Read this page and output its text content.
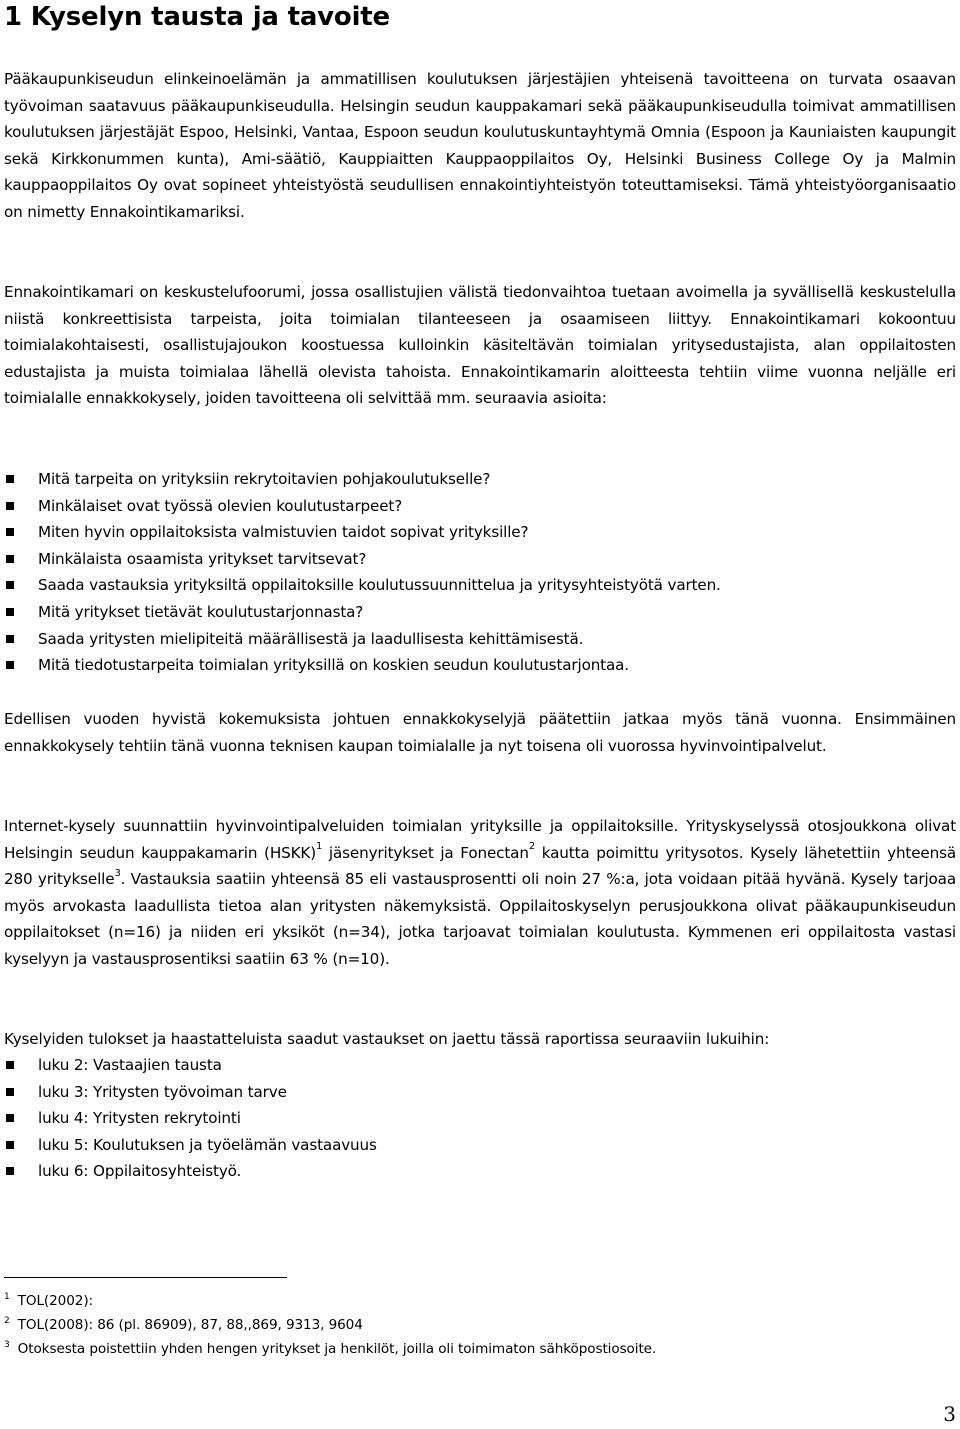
1 Kyselyn tausta ja tavoite

Pääkaupunkiseudun elinkeinoelämän ja ammatillisen koulutuksen järjestäjien yhteisenä tavoitteena on turvata osaavan työvoiman saatavuus pääkaupunkiseudulla. Helsingin seudun kauppakamari sekä pääkaupunkiseudulla toimivat ammatillisen koulutuksen järjestäjät Espoo, Helsinki, Vantaa, Espoon seudun koulutuskuntayhtymä Omnia (Espoon ja Kauniaisten kaupungit sekä Kirkkonummen kunta), Ami-säätiö, Kauppiaitten Kauppaoppilaitos Oy, Helsinki Business College Oy ja Malmin kauppaoppilaitos Oy ovat sopineet yhteistyöstä seudullisen ennakointiyhteistyön toteuttamiseksi. Tämä yhteistyöorganisaatio on nimetty Ennakointikamariksi.

Ennakointikamari on keskustelufoorumi, jossa osallistujien välistä tiedonvaihtoa tuetaan avoimella ja syvällisellä keskustelulla niistä konkreettisista tarpeista, joita toimialan tilanteeseen ja osaamiseen liittyy. Ennakointikamari kokoontuu toimialakohtaisesti, osallistujajoukon koostuessa kulloinkin käsiteltävän toimialan yritysedustajista, alan oppilaitosten edustajista ja muista toimialaa lähellä olevista tahoista. Ennakointikamarin aloitteesta tehtiin viime vuonna neljälle eri toimialalle ennakkokysely, joiden tavoitteena oli selvittää mm. seuraavia asioita:

Mitä tarpeita on yrityksiin rekrytoitavien pohjakoulutukselle?
Minkälaiset ovat työssä olevien koulutustarpeet?
Miten hyvin oppilaitoksista valmistuvien taidot sopivat yrityksille?
Minkälaista osaamista yritykset tarvitsevat?
Saada vastauksia yrityksiltä oppilaitoksille koulutussuunnittelua ja yritysyhteistyötä varten.
Mitä yritykset tietävät koulutustarjonnasta?
Saada yritysten mielipiteitä määrällisestä ja laadullisesta kehittämisestä.
Mitä tiedotustarpeita toimialan yrityksillä on koskien seudun koulutustarjontaa.

Edellisen vuoden hyvistä kokemuksista johtuen ennakkokyselyjä päätettiin jatkaa myös tänä vuonna. Ensimmäinen ennakkokysely tehtiin tänä vuonna teknisen kaupan toimialalle ja nyt toisena oli vuorossa hyvinvointipalvelut.

Internet-kysely suunnattiin hyvinvointipalveluiden toimialan yrityksille ja oppilaitoksille. Yrityskyselyssä otosjoukkona olivat Helsingin seudun kauppakamarin (HSKK)$^1$ jäsenyritykset ja Fonectan$^2$ kautta poimittu yritysotos. Kysely lähetettiin yhteensä 280 yritykselle$^3$. Vastauksia saatiin yhteensä 85 eli vastausprosentti oli noin 27 %:a, jota voidaan pitää hyvänä. Kysely tarjoaa myös arvokasta laadullista tietoa alan yritysten näkemyksistä. Oppilaitoskyselyn perusjoukkona olivat pääkaupunkiseudun oppilaitokset (n=16) ja niiden eri yksiköt (n=34), jotka tarjoavat toimialan koulutusta. Kymmenen eri oppilaitosta vastasi kyselyyn ja vastausprosentiksi saatiin 63 % (n=10).

Kyselyiden tulokset ja haastatteluista saadut vastaukset on jaettu tässä raportissa seuraaviin lukuihin:

luku 2: Vastaajien tausta
luku 3: Yritysten työvoiman tarve
luku 4: Yritysten rekrytointi
luku 5: Koulutuksen ja työelämän vastaavuus
luku 6: Oppilaitosyhteistyö.
$^1$ TOL(2002):
$^2$ TOL(2008): 86 (pl. 86909), 87, 88,,869, 9313, 9604
$^3$ Otoksesta poistettiin yhden hengen yritykset ja henkilöt, joilla oli toimimaton sähköpostiosoite.
3
